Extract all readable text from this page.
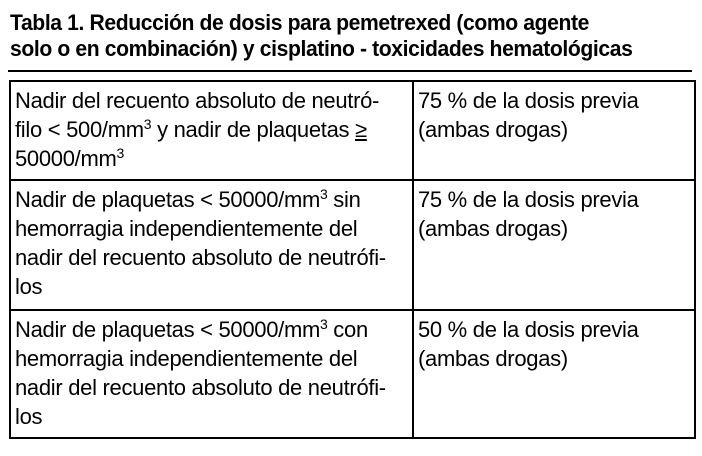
Tabla 1. Reducción de dosis para pemetrexed (como agente
solo o en combinación) y cisplatino - toxicidades hematológicas
Nadir del recuento absoluto de neutró-
filo < $500/mm^3$ y nadir de plaquetas ≥
$50000/mm^3$	75 % de la dosis previa
(ambas drogas)

Nadir de plaquetas < $50000/mm^3$ sin
hemorragia independientemente del
nadir del recuento absoluto de neutrófi-
los	75 % de la dosis previa
(ambas drogas)

Nadir de plaquetas < $50000/mm^3$ con
hemorragia independientemente del
nadir del recuento absoluto de neutrófi-
los	50 % de la dosis previa
(ambas drogas)
